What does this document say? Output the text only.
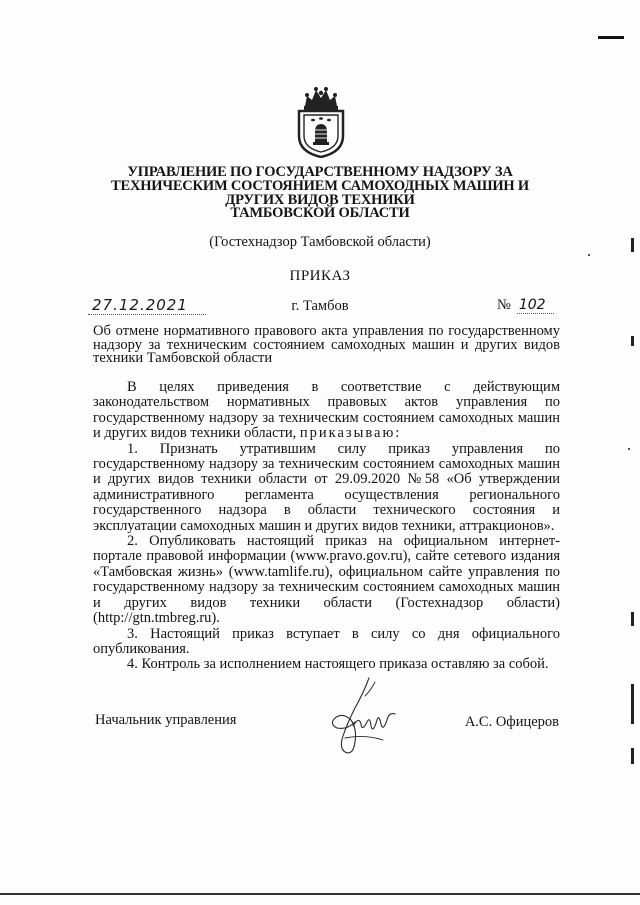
УПРАВЛЕНИЕ ПО ГОСУДАРСТВЕННОМУ НАДЗОРУ ЗА
ТЕХНИЧЕСКИМ СОСТОЯНИЕМ САМОХОДНЫХ МАШИН И
ДРУГИХ ВИДОВ ТЕХНИКИ
ТАМБОВСКОЙ ОБЛАСТИ
(Гостехнадзор Тамбовской области)
ПРИКАЗ
27.12.2021	г. Тамбов	№ 102
Об отмене нормативного правового акта управления по государственному надзору за техническим состоянием самоходных машин и других видов техники Тамбовской области

В целях приведения в соответствие с действующим законодательством нормативных правовых актов управления по государственному надзору за техническим состоянием самоходных машин и других видов техники области, приказываю:

1. Признать утратившим силу приказ управления по государственному надзору за техническим состоянием самоходных машин и других видов техники области от 29.09.2020 №58 «Об утверждении административного регламента осуществления регионального государственного надзора в области технического состояния и эксплуатации самоходных машин и других видов техники, аттракционов».

2. Опубликовать настоящий приказ на официальном интернет-портале правовой информации (www.pravo.gov.ru), сайте сетевого издания «Тамбовская жизнь» (www.tamlife.ru), официальном сайте управления по государственному надзору за техническим состоянием самоходных машин и других видов техники области (Гостехнадзор области) (http://gtn.tmbreg.ru).

3. Настоящий приказ вступает в силу со дня официального опубликования.

4. Контроль за исполнением настоящего приказа оставляю за собой.

Начальник управления	А.С. Офицеров
